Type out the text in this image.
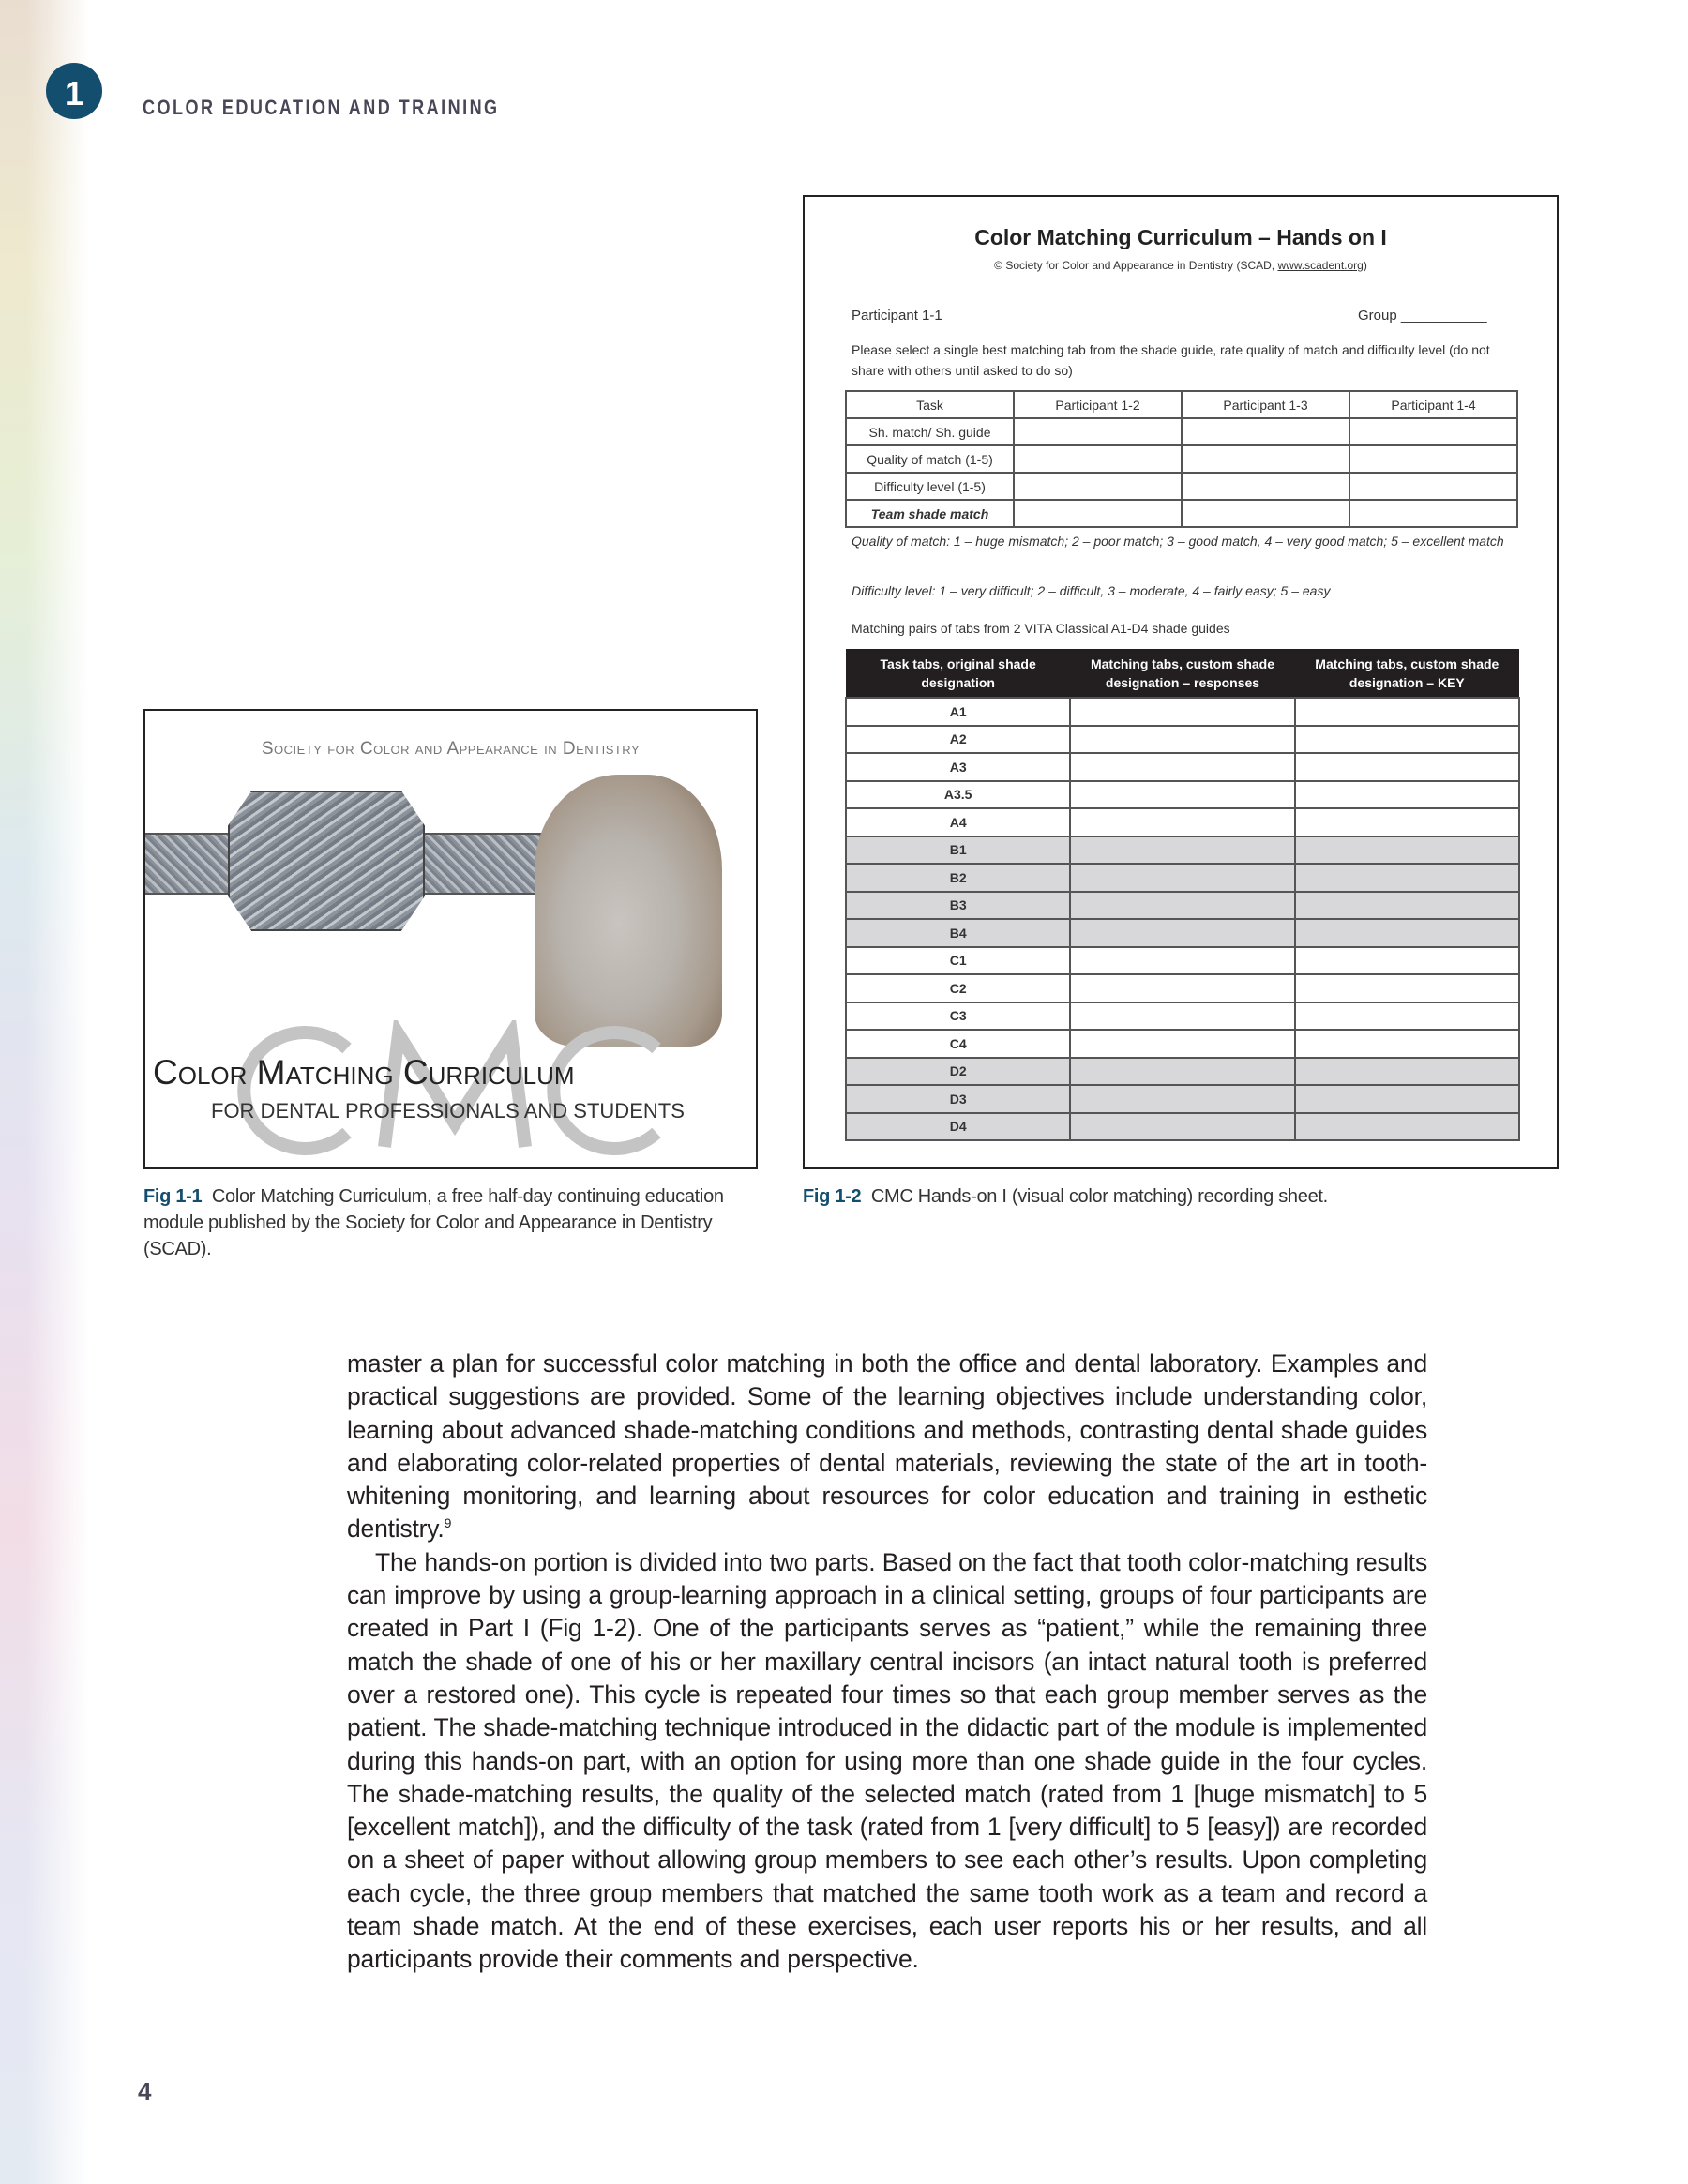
1	COLOR EDUCATION AND TRAINING
Society for Color and Appearance in Dentistry
Color Matching Curriculum
FOR DENTAL PROFESSIONALS AND STUDENTS
Color Matching Curriculum – Hands on I
© Society for Color and Appearance in Dentistry (SCAD, www.scadent.org)
Participant 1-1	Group ___________
Please select a single best matching tab from the shade guide, rate quality of match and difficulty level (do not share with others until asked to do so)
Task	Participant 1-2	Participant 1-3	Participant 1-4
Sh. match/ Sh. guide			
Quality of match (1-5)			
Difficulty level (1-5)			
Team shade match			
Quality of match: 1 – huge mismatch; 2 – poor match; 3 – good match, 4 – very good match; 5 – excellent match
Difficulty level: 1 – very difficult; 2 – difficult, 3 – moderate, 4 – fairly easy; 5 – easy
Matching pairs of tabs from 2 VITA Classical A1-D4 shade guides
Task tabs, original shade designation	Matching tabs, custom shade designation – responses	Matching tabs, custom shade designation – KEY
A1		
A2		
A3		
A3.5		
A4		
B1		
B2		
B3		
B4		
C1		
C2		
C3		
C4		
D2		
D3		
D4		
Fig 1-1 Color Matching Curriculum, a free half-day continuing education module published by the Society for Color and Appearance in Dentistry (SCAD).
Fig 1-2 CMC Hands-on I (visual color matching) recording sheet.

master a plan for successful color matching in both the office and dental laboratory. Examples and practical suggestions are provided. Some of the learning objectives include understanding color, learning about advanced shade-matching conditions and methods, contrasting dental shade guides and elaborating color-related properties of dental materials, reviewing the state of the art in tooth-whitening monitoring, and learning about resources for color education and training in esthetic dentistry.$^9$

The hands-on portion is divided into two parts. Based on the fact that tooth color-matching results can improve by using a group-learning approach in a clinical setting, groups of four participants are created in Part I (Fig 1-2). One of the participants serves as “patient,” while the remaining three match the shade of one of his or her maxillary central incisors (an intact natural tooth is preferred over a restored one). This cycle is repeated four times so that each group member serves as the patient. The shade-matching technique introduced in the didactic part of the module is implemented during this hands-on part, with an option for using more than one shade guide in the four cycles. The shade-matching results, the quality of the selected match (rated from 1 [huge mismatch] to 5 [excellent match]), and the difficulty of the task (rated from 1 [very difficult] to 5 [easy]) are recorded on a sheet of paper without allowing group members to see each other’s results. Upon completing each cycle, the three group members that matched the same tooth work as a team and record a team shade match. At the end of these exercises, each user reports his or her results, and all participants provide their comments and perspective.

4
